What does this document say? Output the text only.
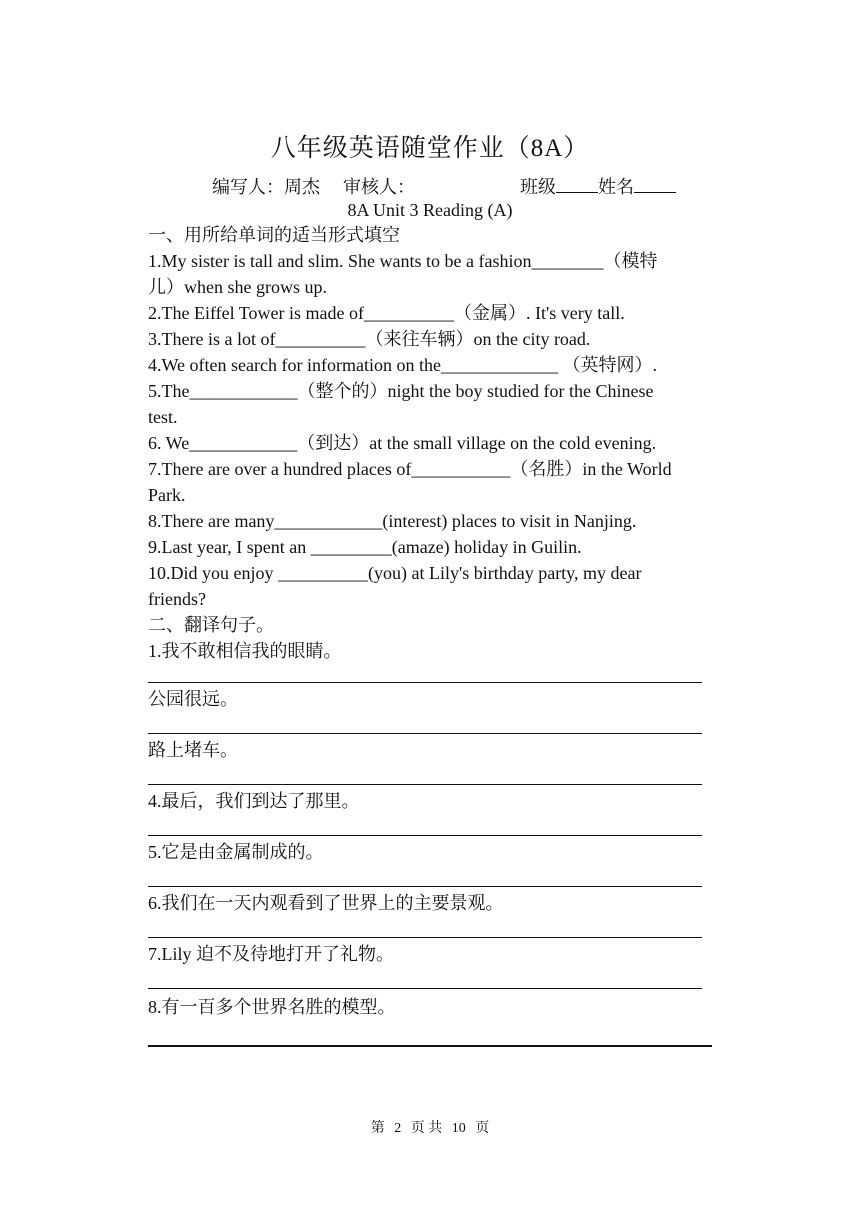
八年级英语随堂作业（8A）
编写人：周杰 审核人：	班级 姓名
8A Unit 3 Reading (A)

一、用所给单词的适当形式填空

1.My sister is tall and slim. She wants to be a fashion________（模特

儿）when she grows up.

2.The Eiffel Tower is made of__________（金属）. It's very tall.

3.There is a lot of__________（来往车辆）on the city road.

4.We often search for information on the_____________ （英特网）.

5.The____________（整个的）night the boy studied for the Chinese

test.

6. We____________（到达）at the small village on the cold evening.

7.There are over a hundred places of___________（名胜）in the World

Park.

8.There are many____________(interest) places to visit in Nanjing.

9.Last year, I spent an _________(amaze) holiday in Guilin.

10.Did you enjoy __________(you) at Lily's birthday party, my dear

friends?

二、翻译句子。

1.我不敢相信我的眼睛。

公园很远。

路上堵车。

4.最后，我们到达了那里。

5.它是由金属制成的。

6.我们在一天内观看到了世界上的主要景观。

7.Lily 迫不及待地打开了礼物。

8.有一百多个世界名胜的模型。

第 2 页 共 10 页
